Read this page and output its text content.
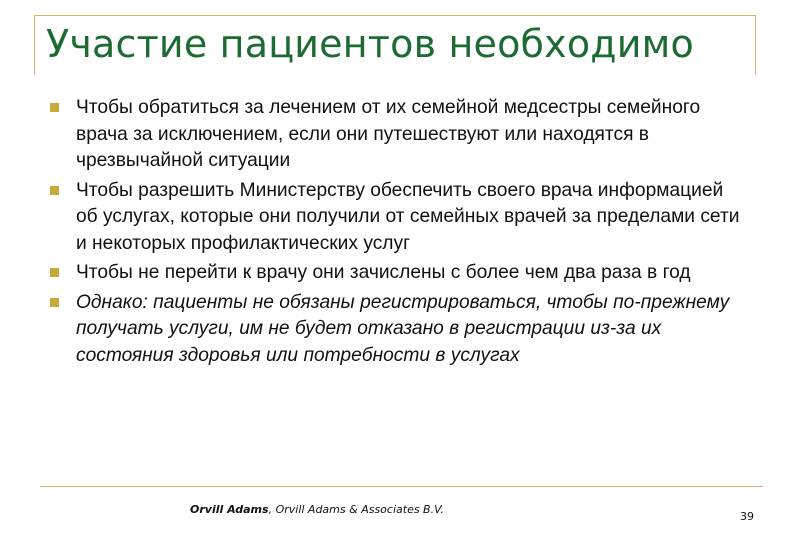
Участие пациентов необходимо
Чтобы обратиться за лечением от их семейной медсестры семейного врача за исключением, если они путешествуют или находятся в чрезвычайной ситуации
Чтобы разрешить Министерству обеспечить своего врача информацией об услугах, которые они получили от семейных врачей за пределами сети и некоторых профилактических услуг
Чтобы не перейти к врачу они зачислены с более чем два раза в год
Однако: пациенты не обязаны регистрироваться, чтобы по-прежнему получать услуги, им не будет отказано в регистрации из-за их состояния здоровья или потребности в услугах
Orvill Adams, Orvill Adams & Associates B.V.
39
